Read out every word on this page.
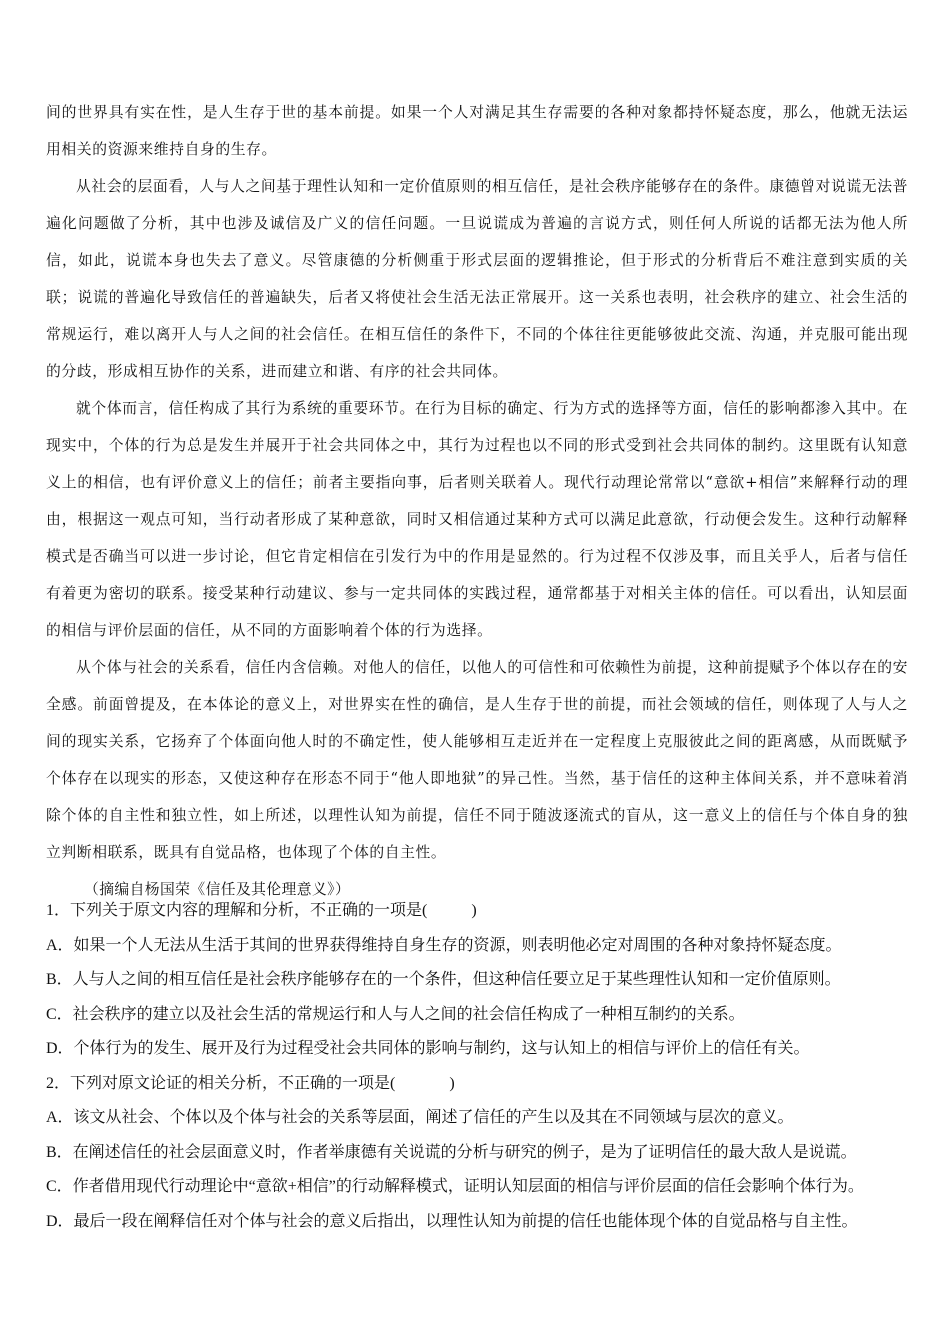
间的世界具有实在性，是人生存于世的基本前提。如果一个人对满足其生存需要的各种对象都持怀疑态度，那么，他就无法运用相关的资源来维持自身的生存。

从社会的层面看，人与人之间基于理性认知和一定价值原则的相互信任，是社会秩序能够存在的条件。康德曾对说谎无法普遍化问题做了分析，其中也涉及诚信及广义的信任问题。一旦说谎成为普遍的言说方式，则任何人所说的话都无法为他人所信，如此，说谎本身也失去了意义。尽管康德的分析侧重于形式层面的逻辑推论，但于形式的分析背后不难注意到实质的关联；说谎的普遍化导致信任的普遍缺失，后者又将使社会生活无法正常展开。这一关系也表明，社会秩序的建立、社会生活的常规运行，难以离开人与人之间的社会信任。在相互信任的条件下，不同的个体往往更能够彼此交流、沟通，并克服可能出现的分歧，形成相互协作的关系，进而建立和谐、有序的社会共同体。

就个体而言，信任构成了其行为系统的重要环节。在行为目标的确定、行为方式的选择等方面，信任的影响都渗入其中。在现实中，个体的行为总是发生并展开于社会共同体之中，其行为过程也以不同的形式受到社会共同体的制约。这里既有认知意义上的相信，也有评价意义上的信任；前者主要指向事，后者则关联着人。现代行动理论常常以“意欲+相信”来解释行动的理由，根据这一观点可知，当行动者形成了某种意欲，同时又相信通过某种方式可以满足此意欲，行动便会发生。这种行动解释模式是否确当可以进一步讨论，但它肯定相信在引发行为中的作用是显然的。行为过程不仅涉及事，而且关乎人，后者与信任有着更为密切的联系。接受某种行动建议、参与一定共同体的实践过程，通常都基于对相关主体的信任。可以看出，认知层面的相信与评价层面的信任，从不同的方面影响着个体的行为选择。

从个体与社会的关系看，信任内含信赖。对他人的信任，以他人的可信性和可依赖性为前提，这种前提赋予个体以存在的安全感。前面曾提及，在本体论的意义上，对世界实在性的确信，是人生存于世的前提，而社会领域的信任，则体现了人与人之间的现实关系，它扬弃了个体面向他人时的不确定性，使人能够相互走近并在一定程度上克服彼此之间的距离感，从而既赋予个体存在以现实的形态，又使这种存在形态不同于“他人即地狱”的异己性。当然，基于信任的这种主体间关系，并不意味着消除个体的自主性和独立性，如上所述，以理性认知为前提，信任不同于随波逐流式的盲从，这一意义上的信任与个体自身的独立判断相联系，既具有自觉品格，也体现了个体的自主性。

（摘编自杨国荣《信任及其伦理意义》）

1．下列关于原文内容的理解和分析，不正确的一项是(	)

A．如果一个人无法从生活于其间的世界获得维持自身生存的资源，则表明他必定对周围的各种对象持怀疑态度。

B．人与人之间的相互信任是社会秩序能够存在的一个条件，但这种信任要立足于某些理性认知和一定价值原则。

C．社会秩序的建立以及社会生活的常规运行和人与人之间的社会信任构成了一种相互制约的关系。

D．个体行为的发生、展开及行为过程受社会共同体的影响与制约，这与认知上的相信与评价上的信任有关。

2．下列对原文论证的相关分析，不正确的一项是(	)

A．该文从社会、个体以及个体与社会的关系等层面，阐述了信任的产生以及其在不同领域与层次的意义。

B．在阐述信任的社会层面意义时，作者举康德有关说谎的分析与研究的例子，是为了证明信任的最大敌人是说谎。

C．作者借用现代行动理论中“意欲+相信”的行动解释模式，证明认知层面的相信与评价层面的信任会影响个体行为。

D．最后一段在阐释信任对个体与社会的意义后指出，以理性认知为前提的信任也能体现个体的自觉品格与自主性。
